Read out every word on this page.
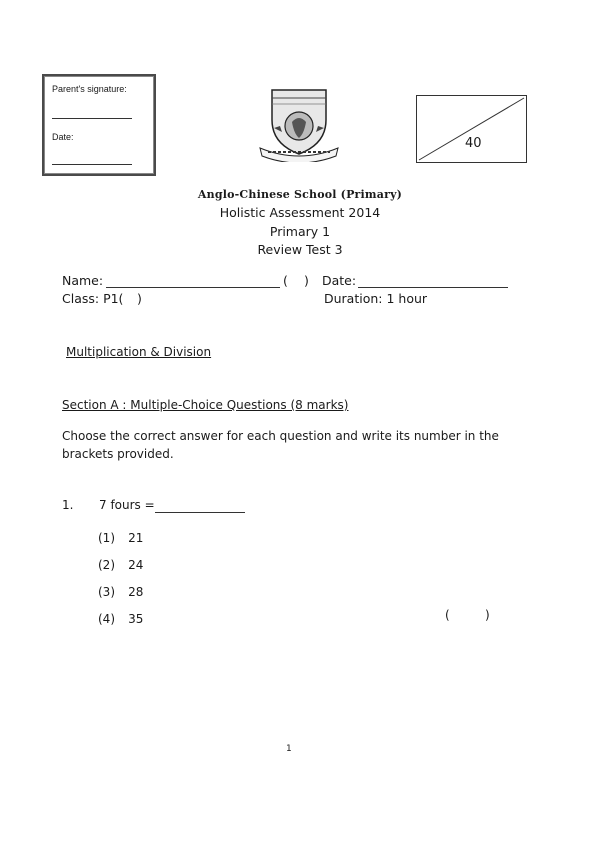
Parent's signature:
Date:	40
Anglo-Chinese School (Primary)
Holistic Assessment 2014
Primary 1
Review Test 3
Name:	( ) Date:
Class: P1( )	Duration: 1 hour
Multiplication & Division
Section A : Multiple-Choice Questions (8 marks)
Choose the correct answer for each question and write its number in the brackets provided.
1. 7 fours =
(1) 21
(2) 24
(3) 28
(4) 35	(	)
1
